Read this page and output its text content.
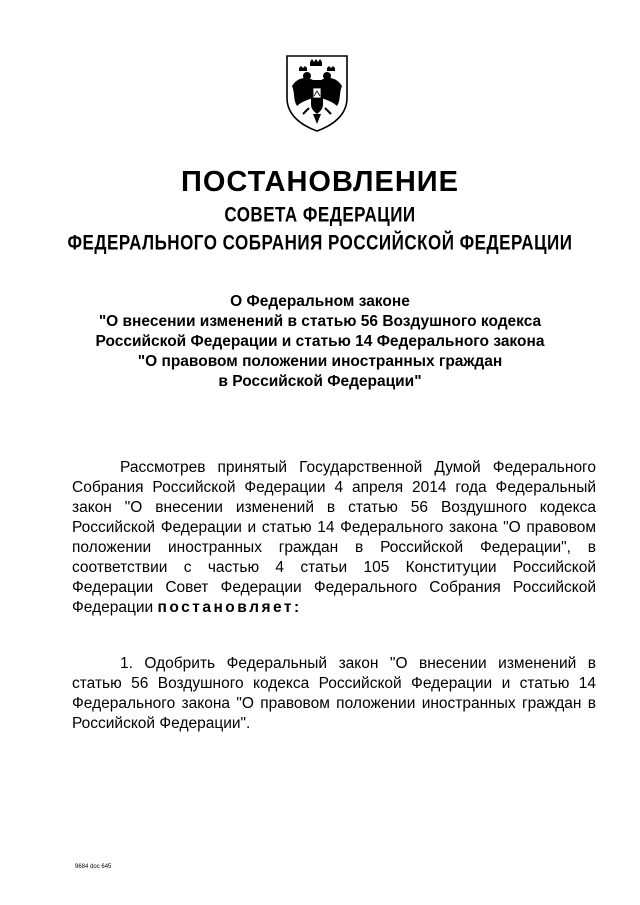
ПОСТАНОВЛЕНИЕ
СОВЕТА ФЕДЕРАЦИИ
ФЕДЕРАЛЬНОГО СОБРАНИЯ РОССИЙСКОЙ ФЕДЕРАЦИИ
О Федеральном законе
"О внесении изменений в статью 56 Воздушного кодекса
Российской Федерации и статью 14 Федерального закона
"О правовом положении иностранных граждан
в Российской Федерации"

Рассмотрев принятый Государственной Думой Федерального Собрания Российской Федерации 4 апреля 2014 года Федеральный закон "О внесении изменений в статью 56 Воздушного кодекса Российской Федерации и статью 14 Федерального закона "О правовом положении иностранных граждан в Российской Федерации", в соответствии с частью 4 статьи 105 Конституции Российской Федерации Совет Федерации Федерального Собрания Российской Федерации постановляет:

1. Одобрить Федеральный закон "О внесении изменений в статью 56 Воздушного кодекса Российской Федерации и статью 14 Федерального закона "О правовом положении иностранных граждан в Российской Федерации".

9684 doc 645
